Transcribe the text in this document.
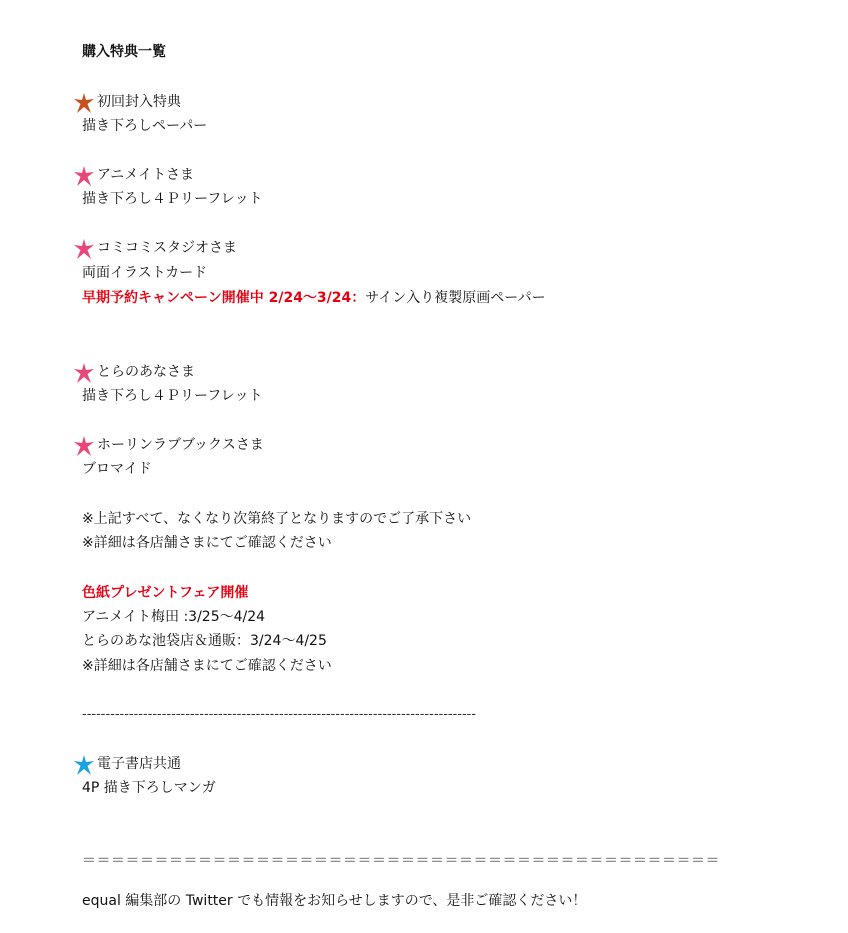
購入特典一覧
初回封入特典
描き下ろしペーパー
アニメイトさま
描き下ろし４Ｐリーフレット
コミコミスタジオさま
両面イラストカード
早期予約キャンペーン開催中 2/24〜3/24：サイン入り複製原画ペーパー
とらのあなさま
描き下ろし４Ｐリーフレット
ホーリンラブブックスさま
ブロマイド
※上記すべて、なくなり次第終了となりますのでご了承下さい
※詳細は各店舗さまにてご確認ください
色紙プレゼントフェア開催
アニメイト梅田 :3/25〜4/24
とらのあな池袋店＆通販：3/24〜4/25
※詳細は各店舗さまにてご確認ください
------------------------------------------------------------------------------------
電子書店共通
4P 描き下ろしマンガ
＝＝＝＝＝＝＝＝＝＝＝＝＝＝＝＝＝＝＝＝＝＝＝＝＝＝＝＝＝＝＝＝＝＝＝＝＝＝＝＝＝＝＝＝
equal 編集部の Twitter でも情報をお知らせしますので、是非ご確認ください！
